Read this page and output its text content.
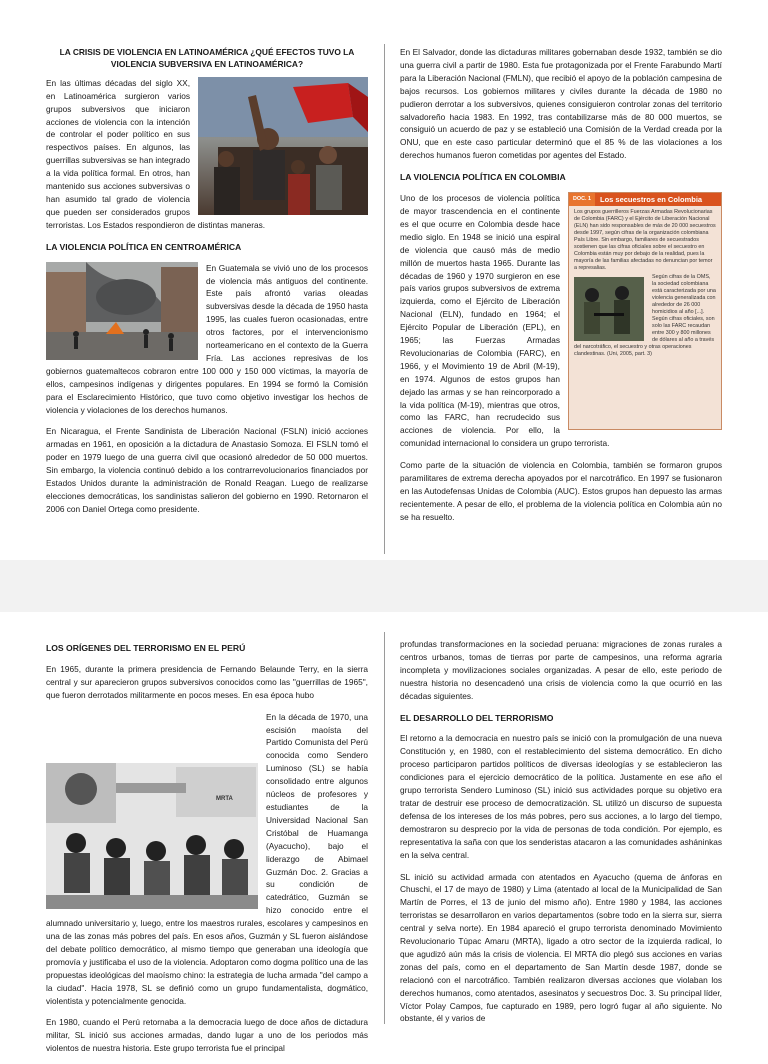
LA CRISIS DE VIOLENCIA EN LATINOAMÉRICA ¿QUÉ EFECTOS TUVO LA VIOLENCIA SUBVERSIVA EN LATINOAMÉRICA?

En las últimas décadas del siglo XX, en Latinoamérica surgieron varios grupos subversivos que iniciaron acciones de violencia con la intención de controlar el poder político en sus respectivos países. En algunos, las guerrillas subversivas se han integrado a la vida política formal. En otros, han mantenido sus acciones subversivas o han asumido tal grado de violencia que pueden ser considerados grupos terroristas. Los Estados respondieron de distintas maneras.

LA VIOLENCIA POLÍTICA EN CENTROAMÉRICA

En Guatemala se vivió uno de los procesos de violencia más antiguos del continente. Este país afrontó varias oleadas subversivas desde la década de 1950 hasta 1995, las cuales fueron ocasionadas, entre otros factores, por el intervencionismo norteamericano en el contexto de la Guerra Fría. Las acciones represivas de los gobiernos guatemaltecos cobraron entre 100 000 y 150 000 víctimas, la mayoría de ellos, campesinos indígenas y dirigentes populares. En 1994 se formó la Comisión para el Esclarecimiento Histórico, que tuvo como objetivo investigar los hechos de violencia y violaciones de los derechos humanos.

En Nicaragua, el Frente Sandinista de Liberación Nacional (FSLN) inició acciones armadas en 1961, en oposición a la dictadura de Anastasio Somoza. El FSLN tomó el poder en 1979 luego de una guerra civil que ocasionó alrededor de 50 000 muertos. Sin embargo, la violencia continuó debido a los contrarrevolucionarios financiados por Estados Unidos durante la administración de Ronald Reagan. Luego de realizarse elecciones democráticas, los sandinistas salieron del gobierno en 1990. Retornaron el 2006 con Daniel Ortega como presidente.

En El Salvador, donde las dictaduras militares gobernaban desde 1932, también se dio una guerra civil a partir de 1980. Esta fue protagonizada por el Frente Farabundo Martí para la Liberación Nacional (FMLN), que recibió el apoyo de la población campesina de bajos recursos. Los gobiernos militares y civiles durante la década de 1980 no pudieron derrotar a los subversivos, quienes consiguieron controlar zonas del territorio salvadoreño hacia 1983. En 1992, tras contabilizarse más de 80 000 muertos, se consiguió un acuerdo de paz y se estableció una Comisión de la Verdad creada por la ONU, que en este caso particular determinó que el 85 % de las violaciones a los derechos humanos fueron cometidas por agentes del Estado.

LA VIOLENCIA POLÍTICA EN COLOMBIA
DOC. 1	Los secuestros en Colombia
Los grupos guerrilleros Fuerzas Armadas Revolucionarias de Colombia (FARC) y el Ejército de Liberación Nacional (ELN) han sido responsables de más de 20 000 secuestros desde 1997, según cifras de la organización colombiana País Libre. Sin embargo, familiares de secuestrados sostienen que las cifras oficiales sobre el secuestro en Colombia están muy por debajo de la realidad, pues la mayoría de las familias afectadas no denuncian por temor a represalias.
Según cifras de la OMS, la sociedad colombiana está caracterizada por una violencia generalizada con alrededor de 26 000 homicidios al año [...]. Según cifras oficiales, son solo las FARC recaudan entre 300 y 800 millones de dólares al año a través del narcotráfico, el secuestro y otras operaciones clandestinas. (Uni, 2005, part. 3)

Uno de los procesos de violencia política de mayor trascendencia en el continente es el que ocurre en Colombia desde hace medio siglo. En 1948 se inició una espiral de violencia que causó más de medio millón de muertos hasta 1965. Durante las décadas de 1960 y 1970 surgieron en ese país varios grupos subversivos de extrema izquierda, como el Ejército de Liberación Nacional (ELN), fundado en 1964; el Ejército Popular de Liberación (EPL), en 1965; las Fuerzas Armadas Revolucionarias de Colombia (FARC), en 1966, y el Movimiento 19 de Abril (M-19), en 1974. Algunos de estos grupos han dejado las armas y se han reincorporado a la vida política (M-19), mientras que otros, como las FARC, han recrudecido sus acciones de violencia. Por ello, la comunidad internacional lo considera un grupo terrorista.

Como parte de la situación de violencia en Colombia, también se formaron grupos paramilitares de extrema derecha apoyados por el narcotráfico. En 1997 se fusionaron en las Autodefensas Unidas de Colombia (AUC). Estos grupos han depuesto las armas recientemente. A pesar de ello, el problema de la violencia política en Colombia aún no se ha resuelto.

LOS ORÍGENES DEL TERRORISMO EN EL PERÚ

En 1965, durante la primera presidencia de Fernando Belaunde Terry, en la sierra central y sur aparecieron grupos subversivos conocidos como las "guerrillas de 1965", que fueron derrotados militarmente en pocos meses. En esa época hubo

MRTA

En la década de 1970, una escisión maoísta del Partido Comunista del Perú conocida como Sendero Luminoso (SL) se había consolidado entre algunos núcleos de profesores y estudiantes de la Universidad Nacional San Cristóbal de Huamanga (Ayacucho), bajo el liderazgo de Abimael Guzmán Doc. 2. Gracias a su condición de catedrático, Guzmán se hizo conocido entre el alumnado universitario y, luego, entre los maestros rurales, escolares y campesinos en una de las zonas más pobres del país. En esos años, Guzmán y SL fueron aislándose del debate político democrático, al mismo tiempo que generaban una ideología que promovía y justificaba el uso de la violencia. Adoptaron como dogma político una de las propuestas ideológicas del maoísmo chino: la estrategia de lucha armada "del campo a la ciudad". Hacia 1978, SL se definió como un grupo fundamentalista, dogmático, violentista y potencialmente genocida.

En 1980, cuando el Perú retornaba a la democracia luego de doce años de dictadura militar, SL inició sus acciones armadas, dando lugar a uno de los periodos más violentos de nuestra historia. Este grupo terrorista fue el principal

profundas transformaciones en la sociedad peruana: migraciones de zonas rurales a centros urbanos, tomas de tierras por parte de campesinos, una reforma agraria incompleta y movilizaciones sociales organizadas. A pesar de ello, este periodo de nuestra historia no desencadenó una crisis de violencia como la que ocurrió en las décadas siguientes.

EL DESARROLLO DEL TERRORISMO

El retorno a la democracia en nuestro país se inició con la promulgación de una nueva Constitución y, en 1980, con el restablecimiento del sistema democrático. En dicho proceso participaron partidos políticos de diversas ideologías y se establecieron las condiciones para el ejercicio democrático de la política. Justamente en ese año el grupo terrorista Sendero Luminoso (SL) inició sus actividades porque su objetivo era tratar de destruir ese proceso de democratización. SL utilizó un discurso de supuesta defensa de los intereses de los más pobres, pero sus acciones, a lo largo del tiempo, demostraron su desprecio por la vida de personas de toda condición. Por ejemplo, es representativa la saña con que los senderistas atacaron a las comunidades asháninkas en la selva central.

SL inició su actividad armada con atentados en Ayacucho (quema de ánforas en Chuschi, el 17 de mayo de 1980) y Lima (atentado al local de la Municipalidad de San Martín de Porres, el 13 de junio del mismo año). Entre 1980 y 1984, las acciones terroristas se desarrollaron en varios departamentos (sobre todo en la sierra sur, sierra central y selva norte). En 1984 apareció el grupo terrorista denominado Movimiento Revolucionario Túpac Amaru (MRTA), ligado a otro sector de la izquierda radical, lo que agudizó aún más la crisis de violencia. El MRTA dio plegó sus acciones en varias zonas del país, como en el departamento de San Martín desde 1987, donde se relacionó con el narcotráfico. También realizaron diversas acciones que violaban los derechos humanos, como atentados, asesinatos y secuestros Doc. 3. Su principal líder, Víctor Polay Campos, fue capturado en 1989, pero logró fugar al año siguiente. No obstante, él y varios de
